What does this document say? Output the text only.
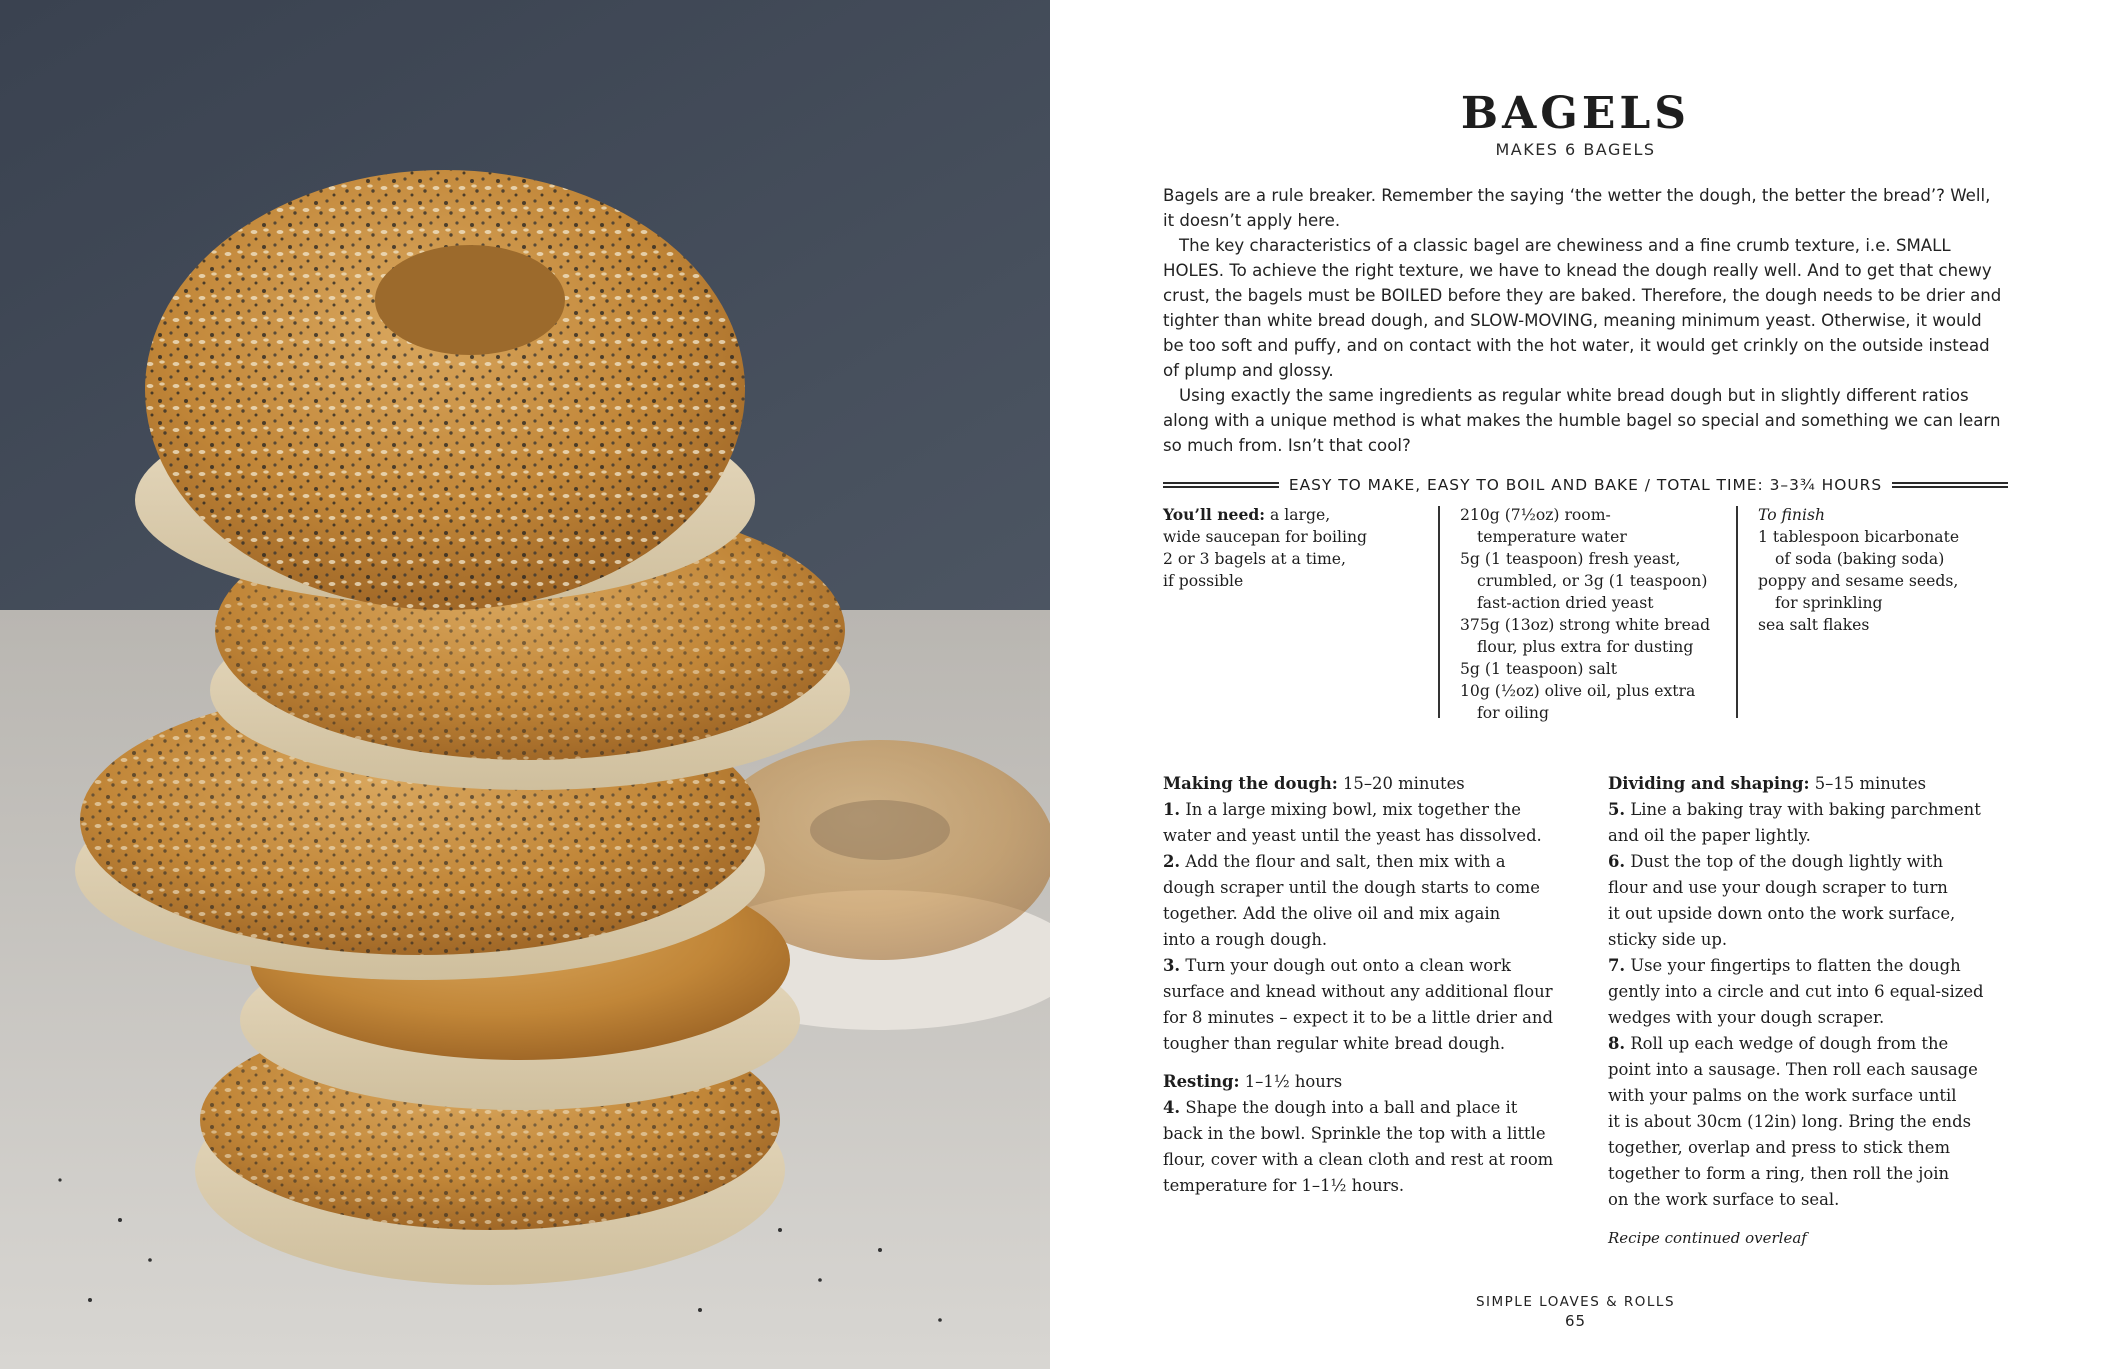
BAGELS
MAKES 6 BAGELS

Bagels are a rule breaker. Remember the saying ‘the wetter the dough, the better the bread’? Well, it doesn’t apply here.

The key characteristics of a classic bagel are chewiness and a fine crumb texture, i.e. SMALL HOLES. To achieve the right texture, we have to knead the dough really well. And to get that chewy crust, the bagels must be BOILED before they are baked. Therefore, the dough needs to be drier and tighter than white bread dough, and SLOW-MOVING, meaning minimum yeast. Otherwise, it would be too soft and puffy, and on contact with the hot water, it would get crinkly on the outside instead of plump and glossy.

Using exactly the same ingredients as regular white bread dough but in slightly different ratios along with a unique method is what makes the humble bagel so special and something we can learn so much from. Isn’t that cool?

EASY TO MAKE, EASY TO BOIL AND BAKE / TOTAL TIME: 3–3¾ HOURS
You’ll need: a large,
wide saucepan for boiling
2 or 3 bagels at a time,
if possible
210g (7½oz) room-
temperature water
5g (1 teaspoon) fresh yeast,
crumbled, or 3g (1 teaspoon)
fast-action dried yeast
375g (13oz) strong white bread
flour, plus extra for dusting
5g (1 teaspoon) salt
10g (½oz) olive oil, plus extra
for oiling
To finish
1 tablespoon bicarbonate
of soda (baking soda)
poppy and sesame seeds,
for sprinkling
sea salt flakes

Making the dough: 15–20 minutes

1. In a large mixing bowl, mix together the

water and yeast until the yeast has dissolved.

2. Add the flour and salt, then mix with a

dough scraper until the dough starts to come

together. Add the olive oil and mix again

into a rough dough.

3. Turn your dough out onto a clean work

surface and knead without any additional flour

for 8 minutes – expect it to be a little drier and

tougher than regular white bread dough.

Resting: 1–1½ hours

4. Shape the dough into a ball and place it

back in the bowl. Sprinkle the top with a little

flour, cover with a clean cloth and rest at room

temperature for 1–1½ hours.

Dividing and shaping: 5–15 minutes

5. Line a baking tray with baking parchment

and oil the paper lightly.

6. Dust the top of the dough lightly with

flour and use your dough scraper to turn

it out upside down onto the work surface,

sticky side up.

7. Use your fingertips to flatten the dough

gently into a circle and cut into 6 equal-sized

wedges with your dough scraper.

8. Roll up each wedge of dough from the

point into a sausage. Then roll each sausage

with your palms on the work surface until

it is about 30cm (12in) long. Bring the ends

together, overlap and press to stick them

together to form a ring, then roll the join

on the work surface to seal.

Recipe continued overleaf

SIMPLE LOAVES & ROLLS
65
